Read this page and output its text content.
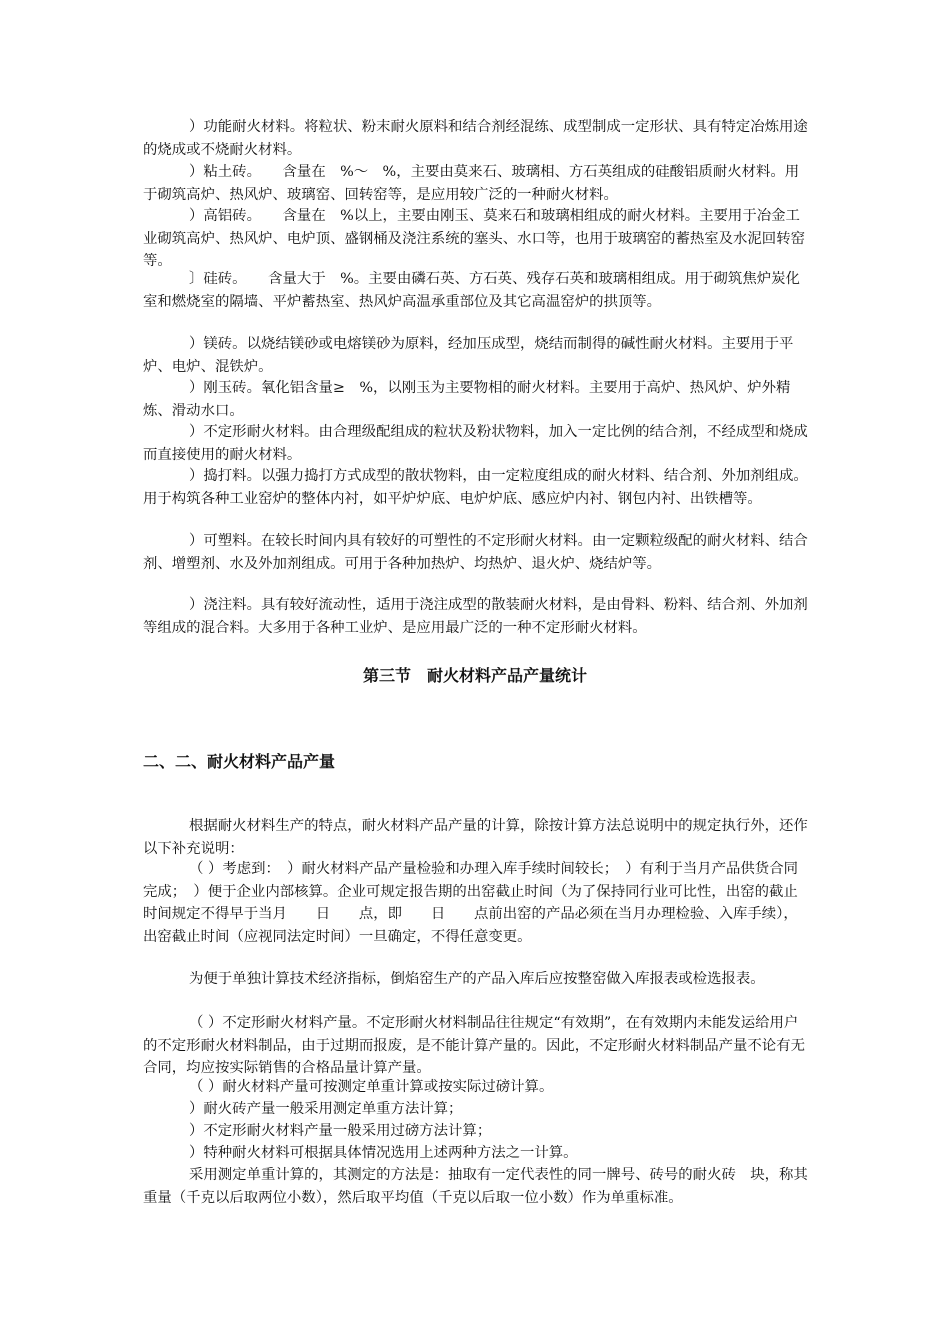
）功能耐火材料。将粒状、粉末耐火原料和结合剂经混练、成型制成一定形状、具有特定冶炼用途的烧成或不烧耐火材料。

）粘土砖。　　含量在　%～　%，主要由莫来石、玻璃相、方石英组成的硅酸铝质耐火材料。用于砌筑高炉、热风炉、玻璃窑、回转窑等，是应用较广泛的一种耐火材料。

）高铝砖。　　含量在　%以上，主要由刚玉、莫来石和玻璃相组成的耐火材料。主要用于冶金工业砌筑高炉、热风炉、电炉顶、盛钢桶及浇注系统的塞头、水口等，也用于玻璃窑的蓄热室及水泥回转窑等。

〕硅砖。　　含量大于　%。主要由磷石英、方石英、残存石英和玻璃相组成。用于砌筑焦炉炭化室和燃烧室的隔墙、平炉蓄热室、热风炉高温承重部位及其它高温窑炉的拱顶等。

）镁砖。以烧结镁砂或电熔镁砂为原料，经加压成型，烧结而制得的碱性耐火材料。主要用于平炉、电炉、混铁炉。

）刚玉砖。氧化铝含量≥　%，以刚玉为主要物相的耐火材料。主要用于高炉、热风炉、炉外精炼、滑动水口。

）不定形耐火材料。由合理级配组成的粒状及粉状物料，加入一定比例的结合剂，不经成型和烧成而直接使用的耐火材料。

）捣打料。以强力捣打方式成型的散状物料，由一定粒度组成的耐火材料、结合剂、外加剂组成。用于构筑各种工业窑炉的整体内衬，如平炉炉底、电炉炉底、感应炉内衬、钢包内衬、出铁槽等。

）可塑料。在较长时间内具有较好的可塑性的不定形耐火材料。由一定颗粒级配的耐火材料、结合剂、增塑剂、水及外加剂组成。可用于各种加热炉、均热炉、退火炉、烧结炉等。

）浇注料。具有较好流动性，适用于浇注成型的散装耐火材料，是由骨料、粉料、结合剂、外加剂等组成的混合料。大多用于各种工业炉、是应用最广泛的一种不定形耐火材料。

第三节　耐火材料产品产量统计
二、二、耐火材料产品产量

根据耐火材料生产的特点，耐火材料产品产量的计算，除按计算方法总说明中的规定执行外，还作以下补充说明：

（ ）考虑到：　）耐火材料产品产量检验和办理入库手续时间较长；　）有利于当月产品供货合同完成；　）便于企业内部核算。企业可规定报告期的出窑截止时间（为了保持同行业可比性，出窑的截止时间规定不得早于当月　　日　　点，即　　日　　点前出窑的产品必须在当月办理检验、入库手续），出窑截止时间（应视同法定时间）一旦确定，不得任意变更。

为便于单独计算技术经济指标，倒焰窑生产的产品入库后应按整窑做入库报表或检选报表。

（ ）不定形耐火材料产量。不定形耐火材料制品往往规定“有效期”，在有效期内未能发运给用户的不定形耐火材料制品，由于过期而报废，是不能计算产量的。因此，不定形耐火材料制品产量不论有无合同，均应按实际销售的合格品量计算产量。

（ ）耐火材料产量可按测定单重计算或按实际过磅计算。

）耐火砖产量一般采用测定单重方法计算；

）不定形耐火材料产量一般采用过磅方法计算；

）特种耐火材料可根据具体情况选用上述两种方法之一计算。

采用测定单重计算的，其测定的方法是：抽取有一定代表性的同一牌号、砖号的耐火砖　块，称其重量（千克以后取两位小数），然后取平均值（千克以后取一位小数）作为单重标准。
